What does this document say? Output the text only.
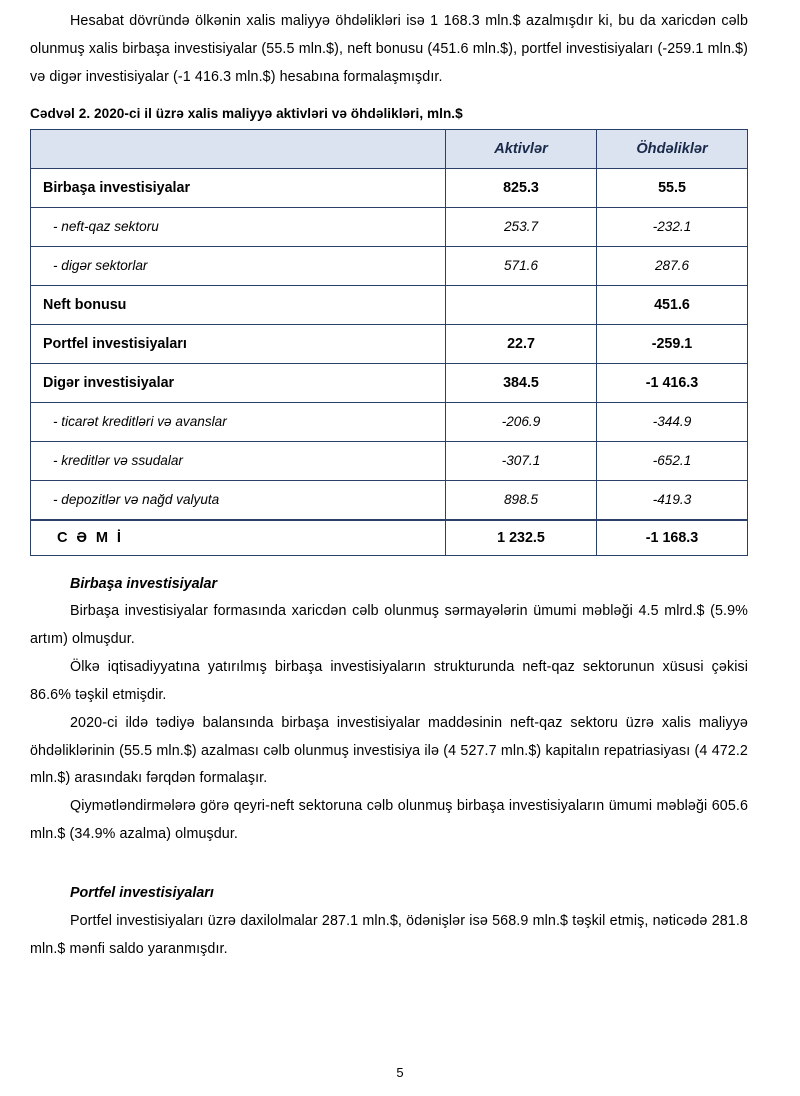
Hesabat dövründə ölkənin xalis maliyyə öhdəlikləri isə 1 168.3 mln.$ azalmışdır ki, bu da xaricdən cəlb olunmuş xalis birbaşa investisiyalar (55.5 mln.$), neft bonusu (451.6 mln.$), portfel investisiyaları (-259.1 mln.$) və digər investisiyalar (-1 416.3 mln.$) hesabına formalaşmışdır.

Cədvəl 2. 2020-ci il üzrə xalis maliyyə aktivləri və öhdəlikləri, mln.$
	Aktivlər	Öhdəliklər
Birbaşa investisiyalar	825.3	55.5
- neft-qaz sektoru	253.7	-232.1
- digər sektorlar	571.6	287.6
Neft bonusu		451.6
Portfel investisiyaları	22.7	-259.1
Digər investisiyalar	384.5	-1 416.3
- ticarət kreditləri və avanslar	-206.9	-344.9
- kreditlər və ssudalar	-307.1	-652.1
- depozitlər və nağd valyuta	898.5	-419.3
C Ə M İ	1 232.5	-1 168.3
Birbaşa investisiyalar

Birbaşa investisiyalar formasında xaricdən cəlb olunmuş sərmayələrin ümumi məbləği 4.5 mlrd.$ (5.9% artım) olmuşdur.

Ölkə iqtisadiyyatına yatırılmış birbaşa investisiyaların strukturunda neft-qaz sektorunun xüsusi çəkisi 86.6% təşkil etmişdir.

2020-ci ildə tədiyə balansında birbaşa investisiyalar maddəsinin neft-qaz sektoru üzrə xalis maliyyə öhdəliklərinin (55.5 mln.$) azalması cəlb olunmuş investisiya ilə (4 527.7 mln.$) kapitalın repatriasiyası (4 472.2 mln.$) arasındakı fərqdən formalaşır.

Qiymətləndirmələrə görə qeyri-neft sektoruna cəlb olunmuş birbaşa investisiyaların ümumi məbləği 605.6 mln.$ (34.9% azalma) olmuşdur.

Portfel investisiyaları

Portfel investisiyaları üzrə daxilolmalar 287.1 mln.$, ödənişlər isə 568.9 mln.$ təşkil etmiş, nəticədə 281.8 mln.$ mənfi saldo yaranmışdır.

5
